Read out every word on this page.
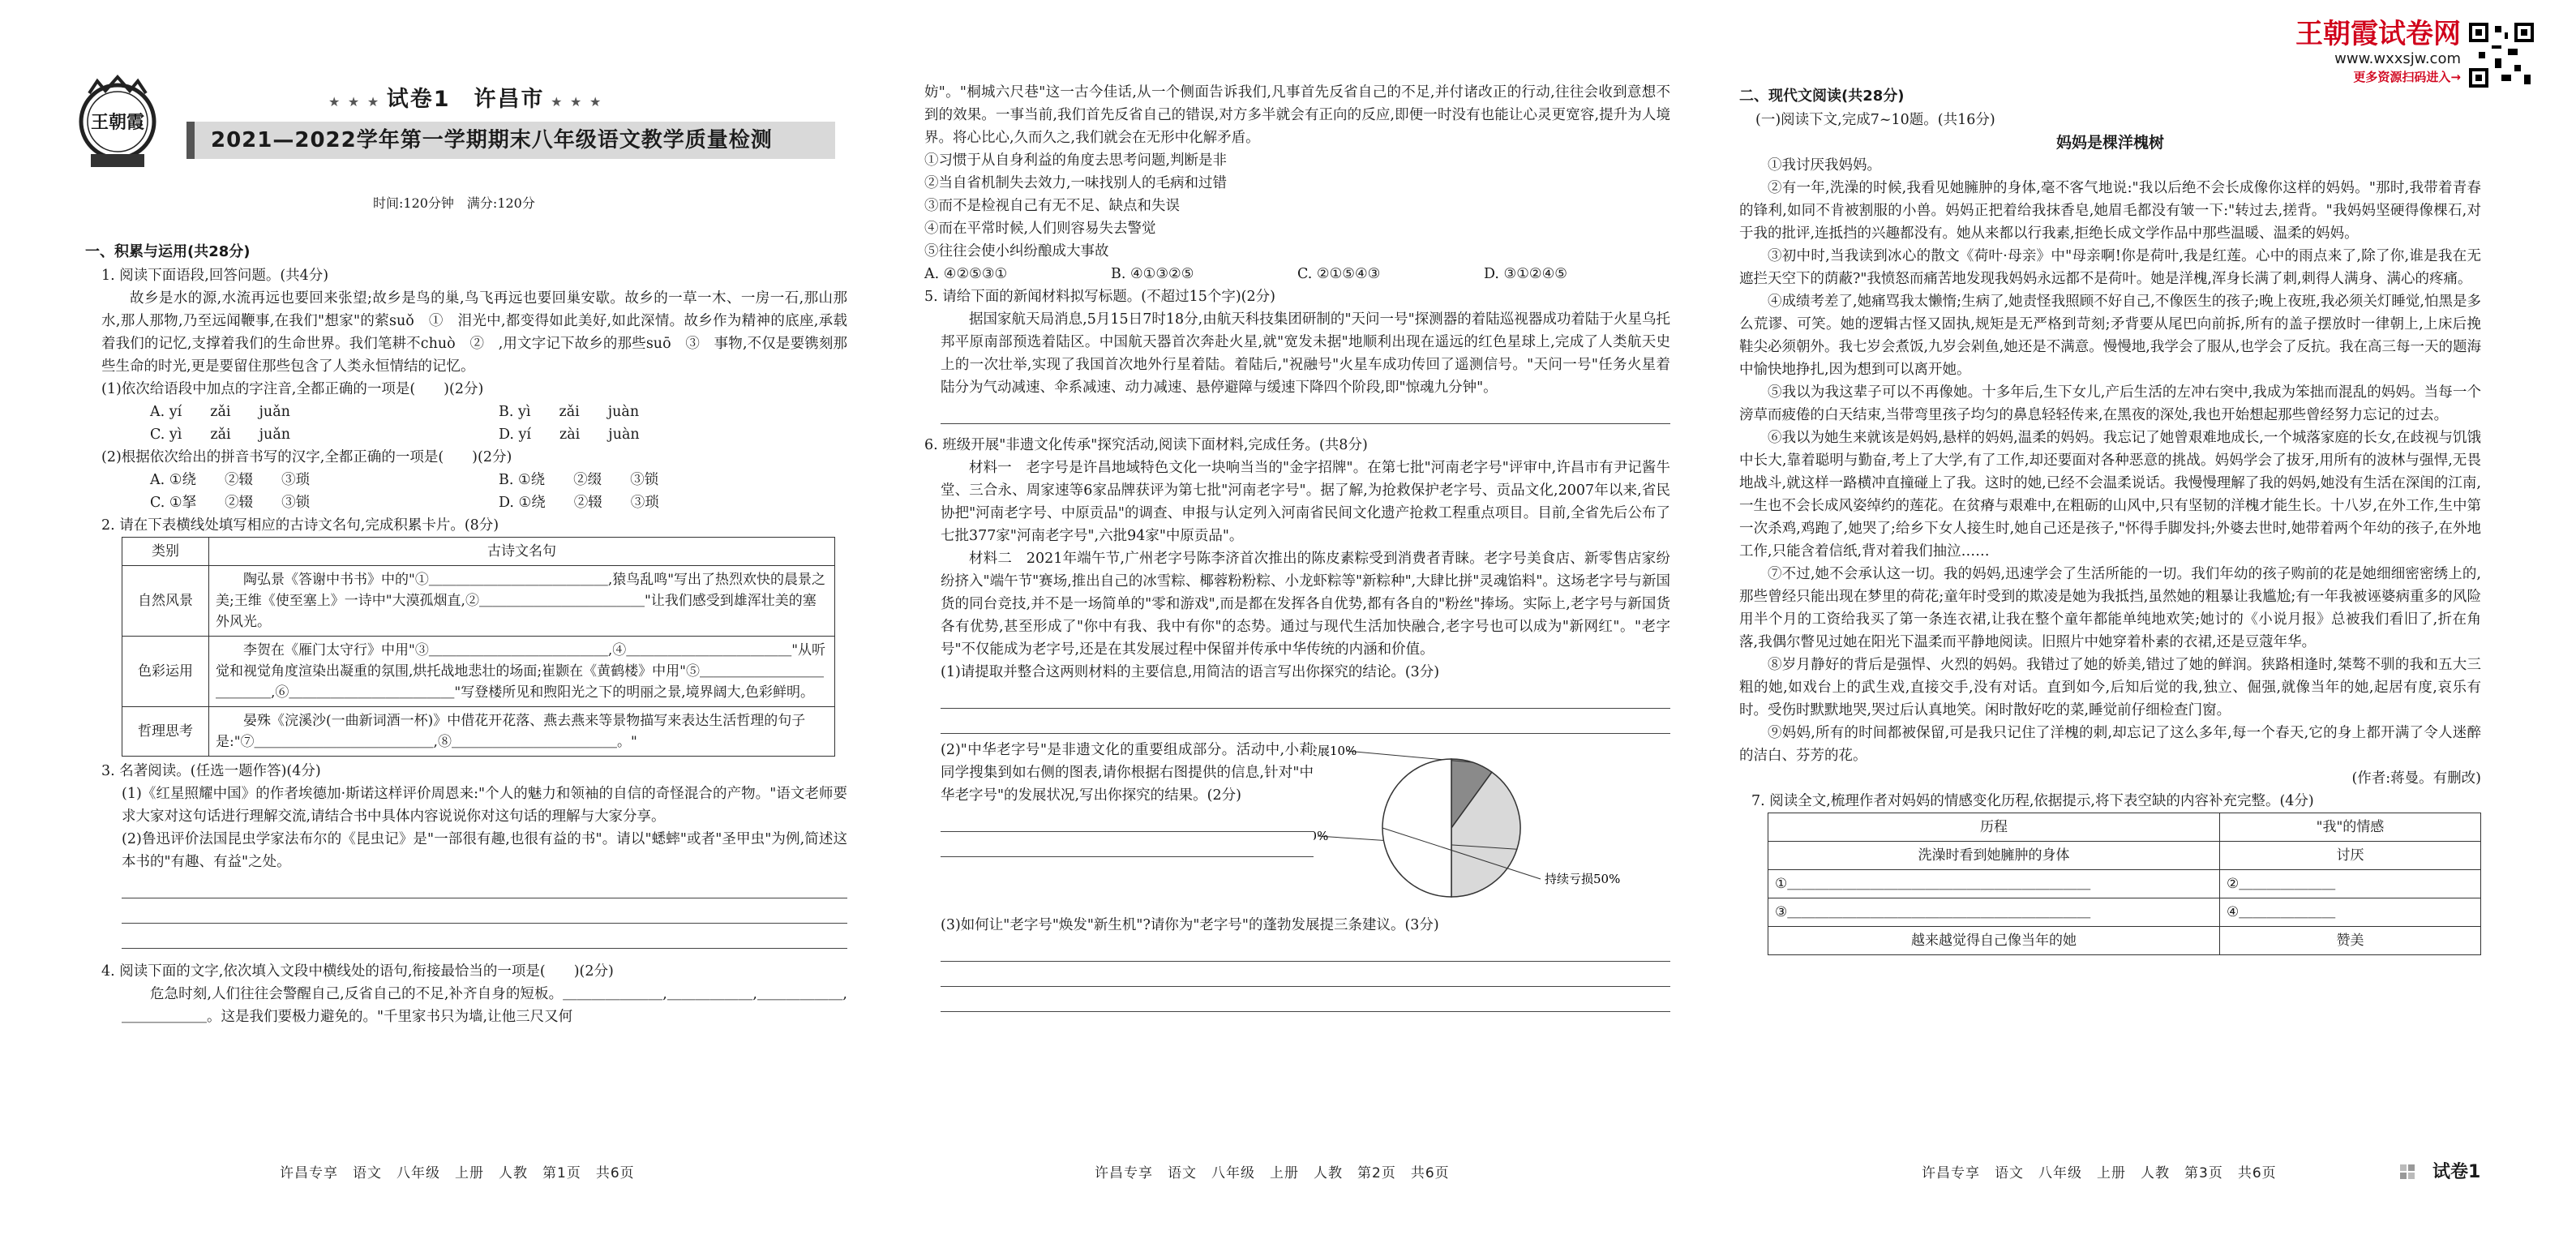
王朝霞
★ ★ ★ 试卷1　许昌市 ★ ★ ★
2021—2022学年第一学期期末八年级语文教学质量检测
时间:120分钟　满分:120分

一、积累与运用(共28分)

1. 阅读下面语段,回答问题。(共4分)

故乡是水的源,水流再远也要回来张望;故乡是鸟的巢,鸟飞再远也要回巢安歇。故乡的一草一木、一房一石,那山那水,那人那物,乃至远闻鞭事,在我们"想家"的萦suǒ　①　泪光中,都变得如此美好,如此深情。故乡作为精神的底座,承载着我们的记忆,支撑着我们的生命世界。我们笔耕不chuò　②　,用文字记下故乡的那些suō　③　事物,不仅是要镌刻那些生命的时光,更是要留住那些包含了人类永恒情结的记忆。

(1)依次给语段中加点的字注音,全都正确的一项是(　　)(2分)

A. yí　　zǎi　　juǎn	B. yì　　zǎi　　juàn
C. yì　　zǎi　　juǎn	D. yí　　zài　　juàn

(2)根据依次给出的拼音书写的汉字,全都正确的一项是(　　)(2分)

A. ①绕　　②辍　　③琐	B. ①绕　　②缀　　③锁
C. ①拏　　②辍　　③锁	D. ①绕　　②辍　　③琐

2. 请在下表横线处填写相应的古诗文名句,完成积累卡片。(8分)

类别	古诗文名句
自然风景	陶弘景《答谢中书书》中的"①＿＿＿＿＿＿＿＿＿＿＿＿＿,猿鸟乱鸣"写出了热烈欢快的晨景之美;王维《使至塞上》一诗中"大漠孤烟直,②＿＿＿＿＿＿＿＿＿＿＿＿"让我们感受到雄浑壮美的塞外风光。
色彩运用	李贺在《雁门太守行》中用"③＿＿＿＿＿＿＿＿＿＿＿＿＿,④＿＿＿＿＿＿＿＿＿＿＿＿"从听觉和视觉角度渲染出凝重的氛围,烘托战地悲壮的场面;崔颢在《黄鹤楼》中用"⑤＿＿＿＿＿＿＿＿＿＿＿＿＿,⑥＿＿＿＿＿＿＿＿＿＿＿＿"写登楼所见和煦阳光之下的明丽之景,境界阔大,色彩鲜明。
哲理思考	晏殊《浣溪沙(一曲新词酒一杯)》中借花开花落、燕去燕来等景物描写来表达生活哲理的句子是:"⑦＿＿＿＿＿＿＿＿＿＿＿＿＿,⑧＿＿＿＿＿＿＿＿＿＿＿＿。"

3. 名著阅读。(任选一题作答)(4分)

(1)《红星照耀中国》的作者埃德加·斯诺这样评价周恩来:"个人的魅力和领袖的自信的奇怪混合的产物。"语文老师要求大家对这句话进行理解交流,请结合书中具体内容说说你对这句话的理解与大家分享。

(2)鲁迅评价法国昆虫学家法布尔的《昆虫记》是"一部很有趣,也很有益的书"。请以"蟋蟀"或者"圣甲虫"为例,简述这本书的"有趣、有益"之处。

4. 阅读下面的文字,依次填入文段中横线处的语句,衔接最恰当的一项是(　　)(2分)

危急时刻,人们往往会警醒自己,反省自己的不足,补齐自身的短板。＿＿＿＿＿＿＿,＿＿＿＿＿＿,＿＿＿＿＿＿,＿＿＿＿＿＿。这是我们要极力避免的。"千里家书只为墙,让他三尺又何

许昌专享　语文　八年级　上册　人教　第1页　共6页

妨"。"桐城六尺巷"这一古今佳话,从一个侧面告诉我们,凡事首先反省自己的不足,并付诸改正的行动,往往会收到意想不到的效果。一事当前,我们首先反省自己的错误,对方多半就会有正向的反应,即便一时没有也能让心灵更宽容,提升为人境界。将心比心,久而久之,我们就会在无形中化解矛盾。

①习惯于从自身利益的角度去思考问题,判断是非

②当自省机制失去效力,一味找别人的毛病和过错

③而不是检视自己有无不足、缺点和失误

④而在平常时候,人们则容易失去警觉

⑤往往会使小纠纷酿成大事故

A. ④②⑤③①	B. ④①③②⑤	C. ②①⑤④③	D. ③①②④⑤

5. 请给下面的新闻材料拟写标题。(不超过15个字)(2分)

据国家航天局消息,5月15日7时18分,由航天科技集团研制的"天问一号"探测器的着陆巡视器成功着陆于火星乌托邦平原南部预选着陆区。中国航天器首次奔赴火星,就"宽发未据"地顺利出现在遥远的红色星球上,完成了人类航天史上的一次壮举,实现了我国首次地外行星着陆。着陆后,"祝融号"火星车成功传回了遥测信号。"天问一号"任务火星着陆分为气动减速、伞系减速、动力减速、悬停避障与缓速下降四个阶段,即"惊魂九分钟"。

6. 班级开展"非遗文化传承"探究活动,阅读下面材料,完成任务。(共8分)

材料一　老字号是许昌地域特色文化一块响当当的"金字招牌"。在第七批"河南老字号"评审中,许昌市有尹记酱牛堂、三合永、周家速等6家品牌获评为第七批"河南老字号"。据了解,为抢救保护老字号、贡品文化,2007年以来,省民协把"河南老字号、中原贡品"的调查、申报与认定列入河南省民间文化遗产抢救工程重点项目。目前,全省先后公布了七批377家"河南老字号",六批94家"中原贡品"。

材料二　2021年端午节,广州老字号陈李济首次推出的陈皮素粽受到消费者青睐。老字号美食店、新零售店家纷纷挤入"端午节"赛场,推出自己的冰雪粽、椰蓉粉粉粽、小龙虾粽等"新粽种",大肆比拼"灵魂馅料"。这场老字号与新国货的同台竞技,并不是一场简单的"零和游戏",而是都在发挥各自优势,都有各自的"粉丝"捧场。实际上,老字号与新国货各有优势,甚至形成了"你中有我、我中有你"的态势。通过与现代生活加快融合,老字号也可以成为"新网红"。"老字号"不仅能成为老字号,还是在其发展过程中保留并传承中华传统的内涵和价值。

(1)请提取并整合这两则材料的主要信息,用简洁的语言写出你探究的结论。(3分)

(2)"中华老字号"是非遗文化的重要组成部分。活动中,小莉同学搜集到如右侧的图表,请你根据右图提供的信息,针对"中华老字号"的发展状况,写出你探究的结果。(2分)

展10%
%
持续亏损50%

(3)如何让"老字号"焕发"新生机"?请你为"老字号"的蓬勃发展提三条建议。(3分)

许昌专享　语文　八年级　上册　人教　第2页　共6页
王朝霞试卷网
www.wxxsjw.com
更多资源扫码进入→

二、现代文阅读(共28分)

(一)阅读下文,完成7~10题。(共16分)

妈妈是棵洋槐树

①我讨厌我妈妈。

②有一年,洗澡的时候,我看见她臃肿的身体,毫不客气地说:"我以后绝不会长成像你这样的妈妈。"那时,我带着青春的锋利,如同不肯被割服的小兽。妈妈正把着给我抹香皂,她眉毛都没有皱一下:"转过去,搓背。"我妈妈坚硬得像棵石,对于我的批评,连抵挡的兴趣都没有。她从来都以行我素,拒绝长成文学作品中那些温暖、温柔的妈妈。

③初中时,当我读到冰心的散文《荷叶·母亲》中"母亲啊!你是荷叶,我是红莲。心中的雨点来了,除了你,谁是我在无遮拦天空下的荫蔽?"我愤怒而痛苦地发现我妈妈永远都不是荷叶。她是洋槐,浑身长满了刺,刺得人满身、满心的疼痛。

④成绩考差了,她痛骂我太懒惰;生病了,她责怪我照顾不好自己,不像医生的孩子;晚上夜班,我必须关灯睡觉,怕黑是多么荒谬、可笑。她的逻辑古怪又固执,规矩是无严格到苛刻;矛背要从尾巴向前拆,所有的盖子摆放时一律朝上,上床后挽鞋尖必须朝外。我七岁会煮饭,九岁会剁鱼,她还是不满意。慢慢地,我学会了服从,也学会了反抗。我在高三每一天的题海中愉快地挣扎,因为想到可以离开她。

⑤我以为我这辈子可以不再像她。十多年后,生下女儿,产后生活的左冲右突中,我成为笨拙而混乱的妈妈。当每一个滂草而疲倦的白天结束,当带弯里孩子均匀的鼻息轻轻传来,在黑夜的深处,我也开始想起那些曾经努力忘记的过去。

⑥我以为她生来就该是妈妈,悬样的妈妈,温柔的妈妈。我忘记了她曾艰难地成长,一个城落家庭的长女,在歧视与饥饿中长大,靠着聪明与勤奋,考上了大学,有了工作,却还要面对各种恶意的挑战。妈妈学会了拔牙,用所有的波林与强悍,无畏地战斗,就这样一路横冲直撞碰上了我。这时的她,已经不会温柔说话。我慢慢理解了我的妈妈,她没有生活在深闺的江南,一生也不会长成风姿绰约的莲花。在贫瘠与艰难中,在粗砺的山风中,只有坚韧的洋槐才能生长。十八岁,在外工作,生中第一次杀鸡,鸡跑了,她哭了;给乡下女人接生时,她自己还是孩子,"怀得手脚发抖;外婆去世时,她带着两个年幼的孩子,在外地工作,只能含着信纸,背对着我们抽泣……

⑦不过,她不会承认这一切。我的妈妈,迅速学会了生活所能的一切。我们年幼的孩子购前的花是她细细密密绣上的,那些曾经只能出现在梦里的荷花;童年时受到的欺凌是她为我抵挡,虽然她的粗暴让我尴尬;有一年我被诬婆病重多的风险用半个月的工资给我买了第一条连衣裙,让我在整个童年都能单纯地欢笑;她讨的《小说月报》总被我们看旧了,折在角落,我偶尔瞥见过她在阳光下温柔而平静地阅读。旧照片中她穿着朴素的衣裙,还是豆蔻年华。

⑧岁月静好的背后是强悍、火烈的妈妈。我错过了她的娇美,错过了她的鲜润。狭路相逢时,桀骜不驯的我和五大三粗的她,如戏台上的武生戏,直接交手,没有对话。直到如今,后知后觉的我,独立、倔强,就像当年的她,起居有度,哀乐有时。受伤时默默地哭,哭过后认真地笑。闲时散好吃的菜,睡觉前仔细检查门窗。

⑨妈妈,所有的时间都被保留,可是我只记住了洋槐的刺,却忘记了这么多年,每一个春天,它的身上都开满了令人迷醉的洁白、芬芳的花。

(作者:蒋曼。有删改)

7. 阅读全文,梳理作者对妈妈的情感变化历程,依据提示,将下表空缺的内容补充完整。(4分)

历程	"我"的情感
洗澡时看到她臃肿的身体	讨厌
①＿＿＿＿＿＿＿＿＿＿＿＿＿＿＿＿＿＿＿＿＿＿	②＿＿＿＿＿＿＿
③＿＿＿＿＿＿＿＿＿＿＿＿＿＿＿＿＿＿＿＿＿＿	④＿＿＿＿＿＿＿
越来越觉得自己像当年的她	赞美
许昌专享　语文　八年级　上册　人教　第3页　共6页	试卷1
